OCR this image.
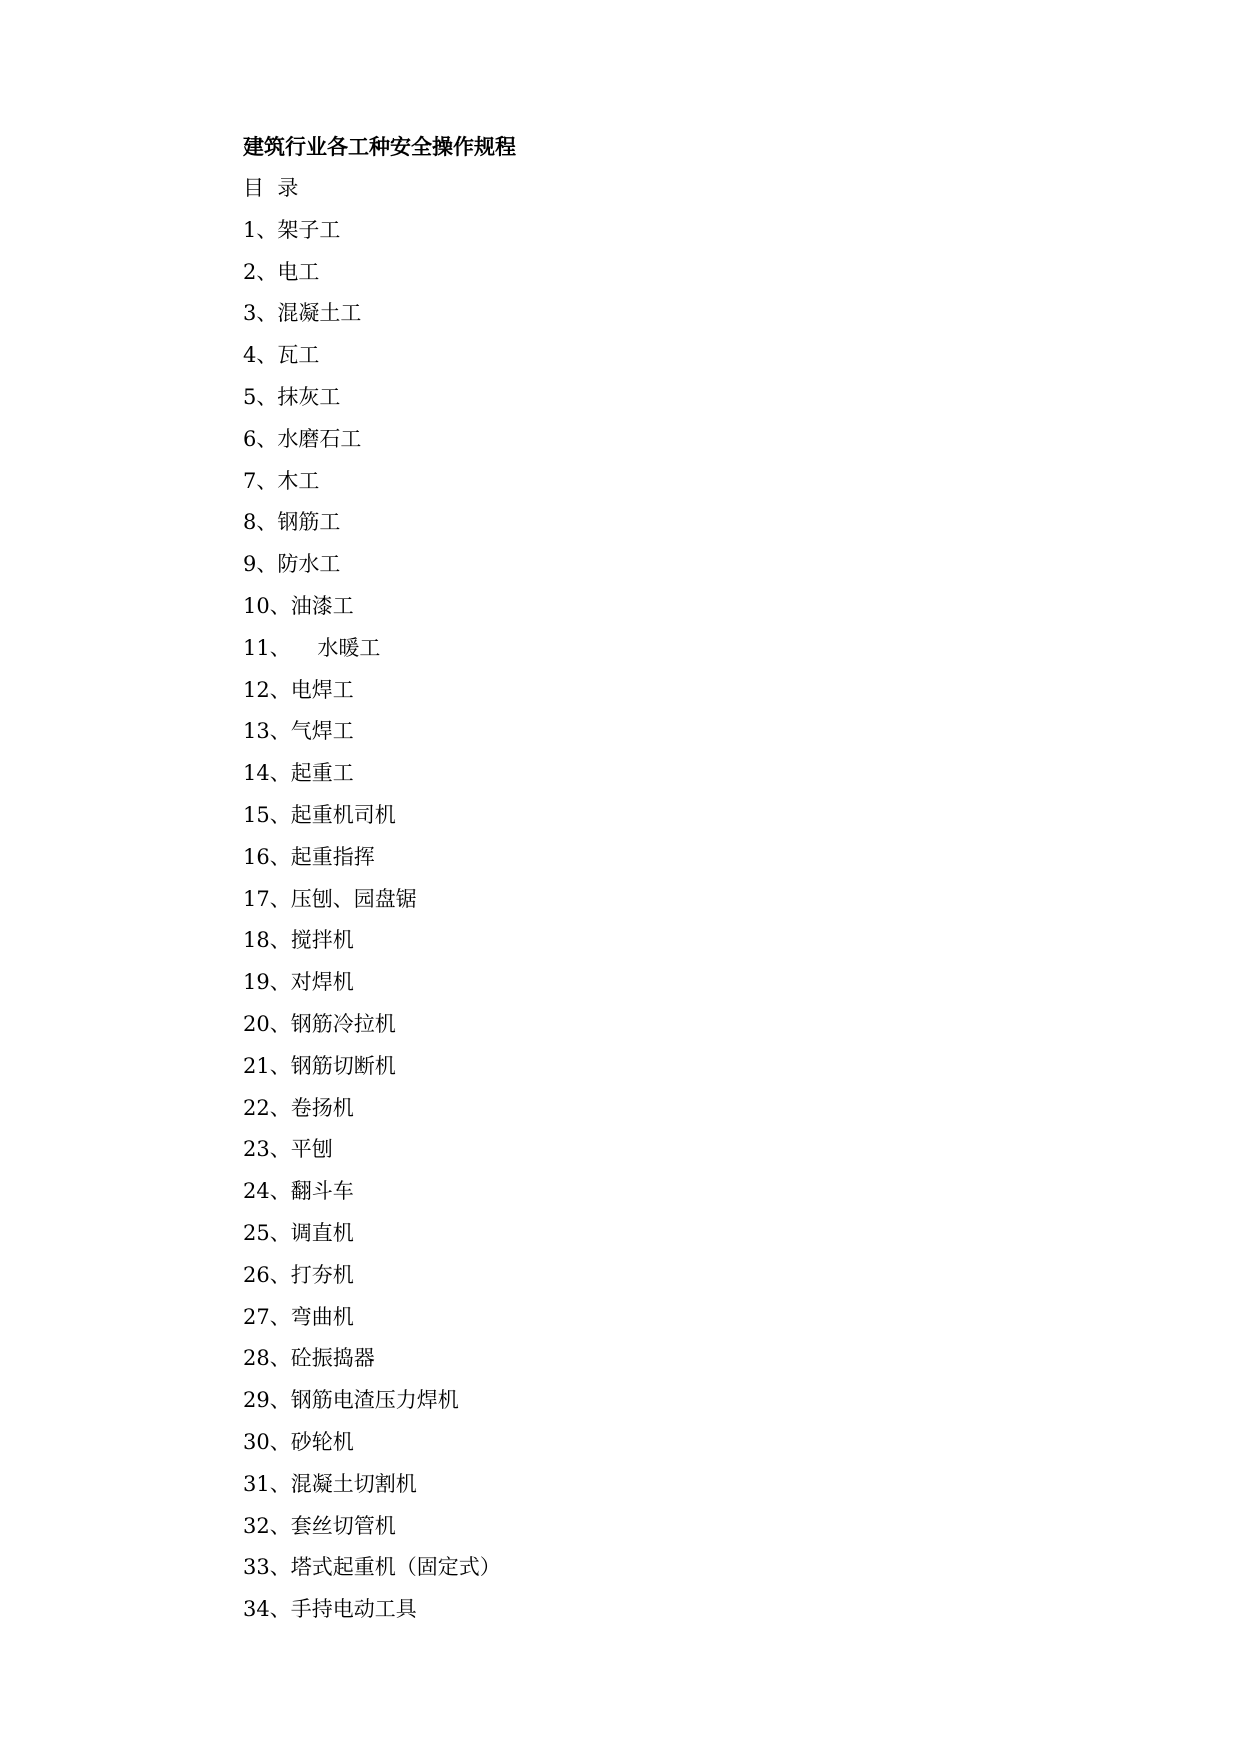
建筑行业各工种安全操作规程
目  录
1、架子工
2、电工
3、混凝土工
4、瓦工
5、抹灰工
6、水磨石工
7、木工
8、钢筋工
9、防水工
10、油漆工
11、    水暖工
12、电焊工
13、气焊工
14、起重工
15、起重机司机
16、起重指挥
17、压刨、园盘锯
18、搅拌机
19、对焊机
20、钢筋冷拉机
21、钢筋切断机
22、卷扬机
23、平刨
24、翻斗车
25、调直机
26、打夯机
27、弯曲机
28、砼振捣器
29、钢筋电渣压力焊机
30、砂轮机
31、混凝土切割机
32、套丝切管机
33、塔式起重机（固定式）
34、手持电动工具
